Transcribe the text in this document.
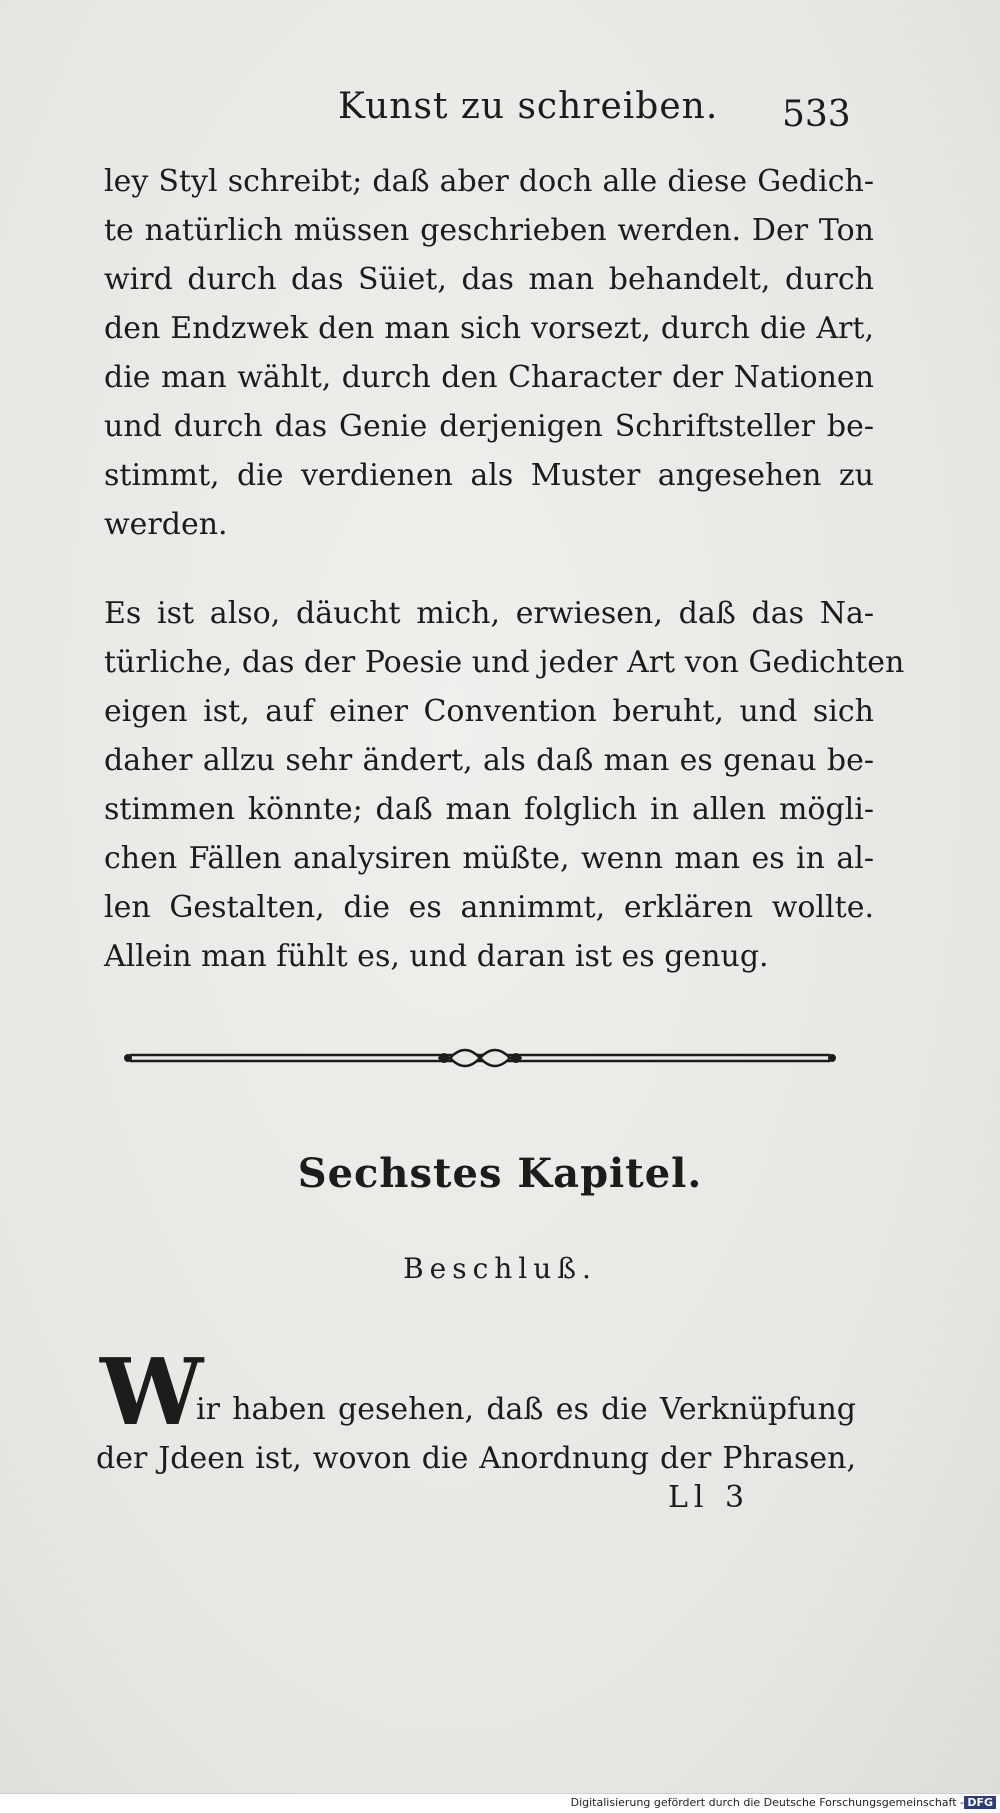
Kunst zu schreiben. 533
ley Styl schreibt; daß aber doch alle diese Gedich-
te natürlich müssen geschrieben werden. Der Ton
wird durch das Süiet, das man behandelt, durch
den Endzwek den man sich vorsezt, durch die Art,
die man wählt, durch den Character der Nationen
und durch das Genie derjenigen Schriftsteller be-
stimmt, die verdienen als Muster angesehen zu
werden.
Es ist also, däucht mich, erwiesen, daß das Na-
türliche, das der Poesie und jeder Art von Gedichten
eigen ist, auf einer Convention beruht, und sich
daher allzu sehr ändert, als daß man es genau be-
stimmen könnte; daß man folglich in allen mögli-
chen Fällen analysiren müßte, wenn man es in al-
len Gestalten, die es annimmt, erklären wollte.
Allein man fühlt es, und daran ist es genug.
Sechstes Kapitel.
Beschluß.
W
ir haben gesehen, daß es die Verknüpfung
der Jdeen ist, wovon die Anordnung der Phrasen,
Ll 3
Digitalisierung gefördert durch die Deutsche Forschungsgemeinschaft - DFG
